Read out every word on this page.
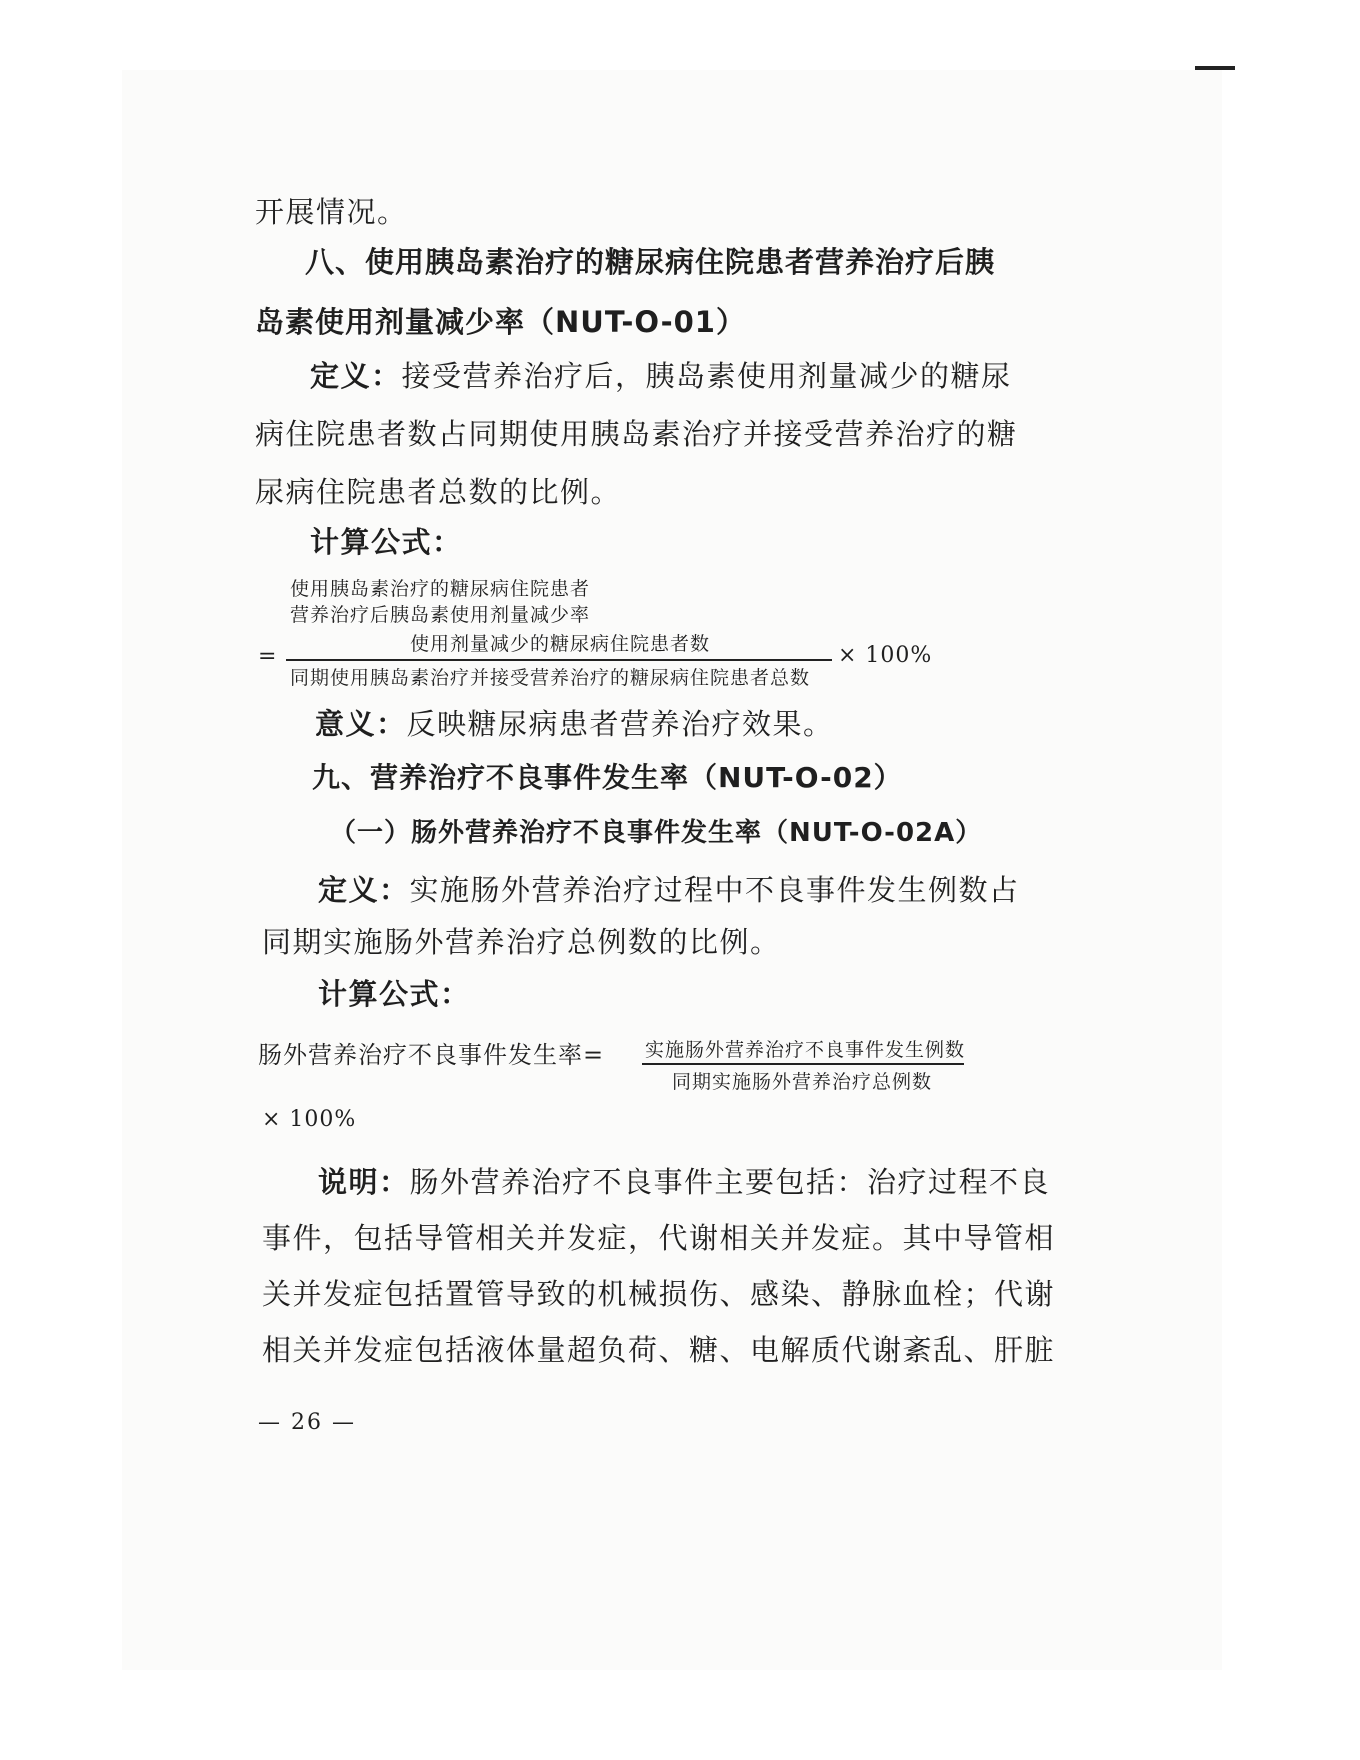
开展情况。

八、使用胰岛素治疗的糖尿病住院患者营养治疗后胰

岛素使用剂量减少率（NUT-O-01）

定义：接受营养治疗后，胰岛素使用剂量减少的糖尿

病住院患者数占同期使用胰岛素治疗并接受营养治疗的糖

尿病住院患者总数的比例。

计算公式：

使用胰岛素治疗的糖尿病住院患者
营养治疗后胰岛素使用剂量减少率
=	使用剂量减少的糖尿病住院患者数
同期使用胰岛素治疗并接受营养治疗的糖尿病住院患者总数
× 100%

意义：反映糖尿病患者营养治疗效果。

九、营养治疗不良事件发生率（NUT-O-02）

（一）肠外营养治疗不良事件发生率（NUT-O-02A）

定义：实施肠外营养治疗过程中不良事件发生例数占

同期实施肠外营养治疗总例数的比例。

计算公式：

肠外营养治疗不良事件发生率= 实施肠外营养治疗不良事件发生例数
同期实施肠外营养治疗总例数
× 100%

说明：肠外营养治疗不良事件主要包括：治疗过程不良

事件，包括导管相关并发症，代谢相关并发症。其中导管相

关并发症包括置管导致的机械损伤、感染、静脉血栓；代谢

相关并发症包括液体量超负荷、糖、电解质代谢紊乱、肝脏

— 26 —
